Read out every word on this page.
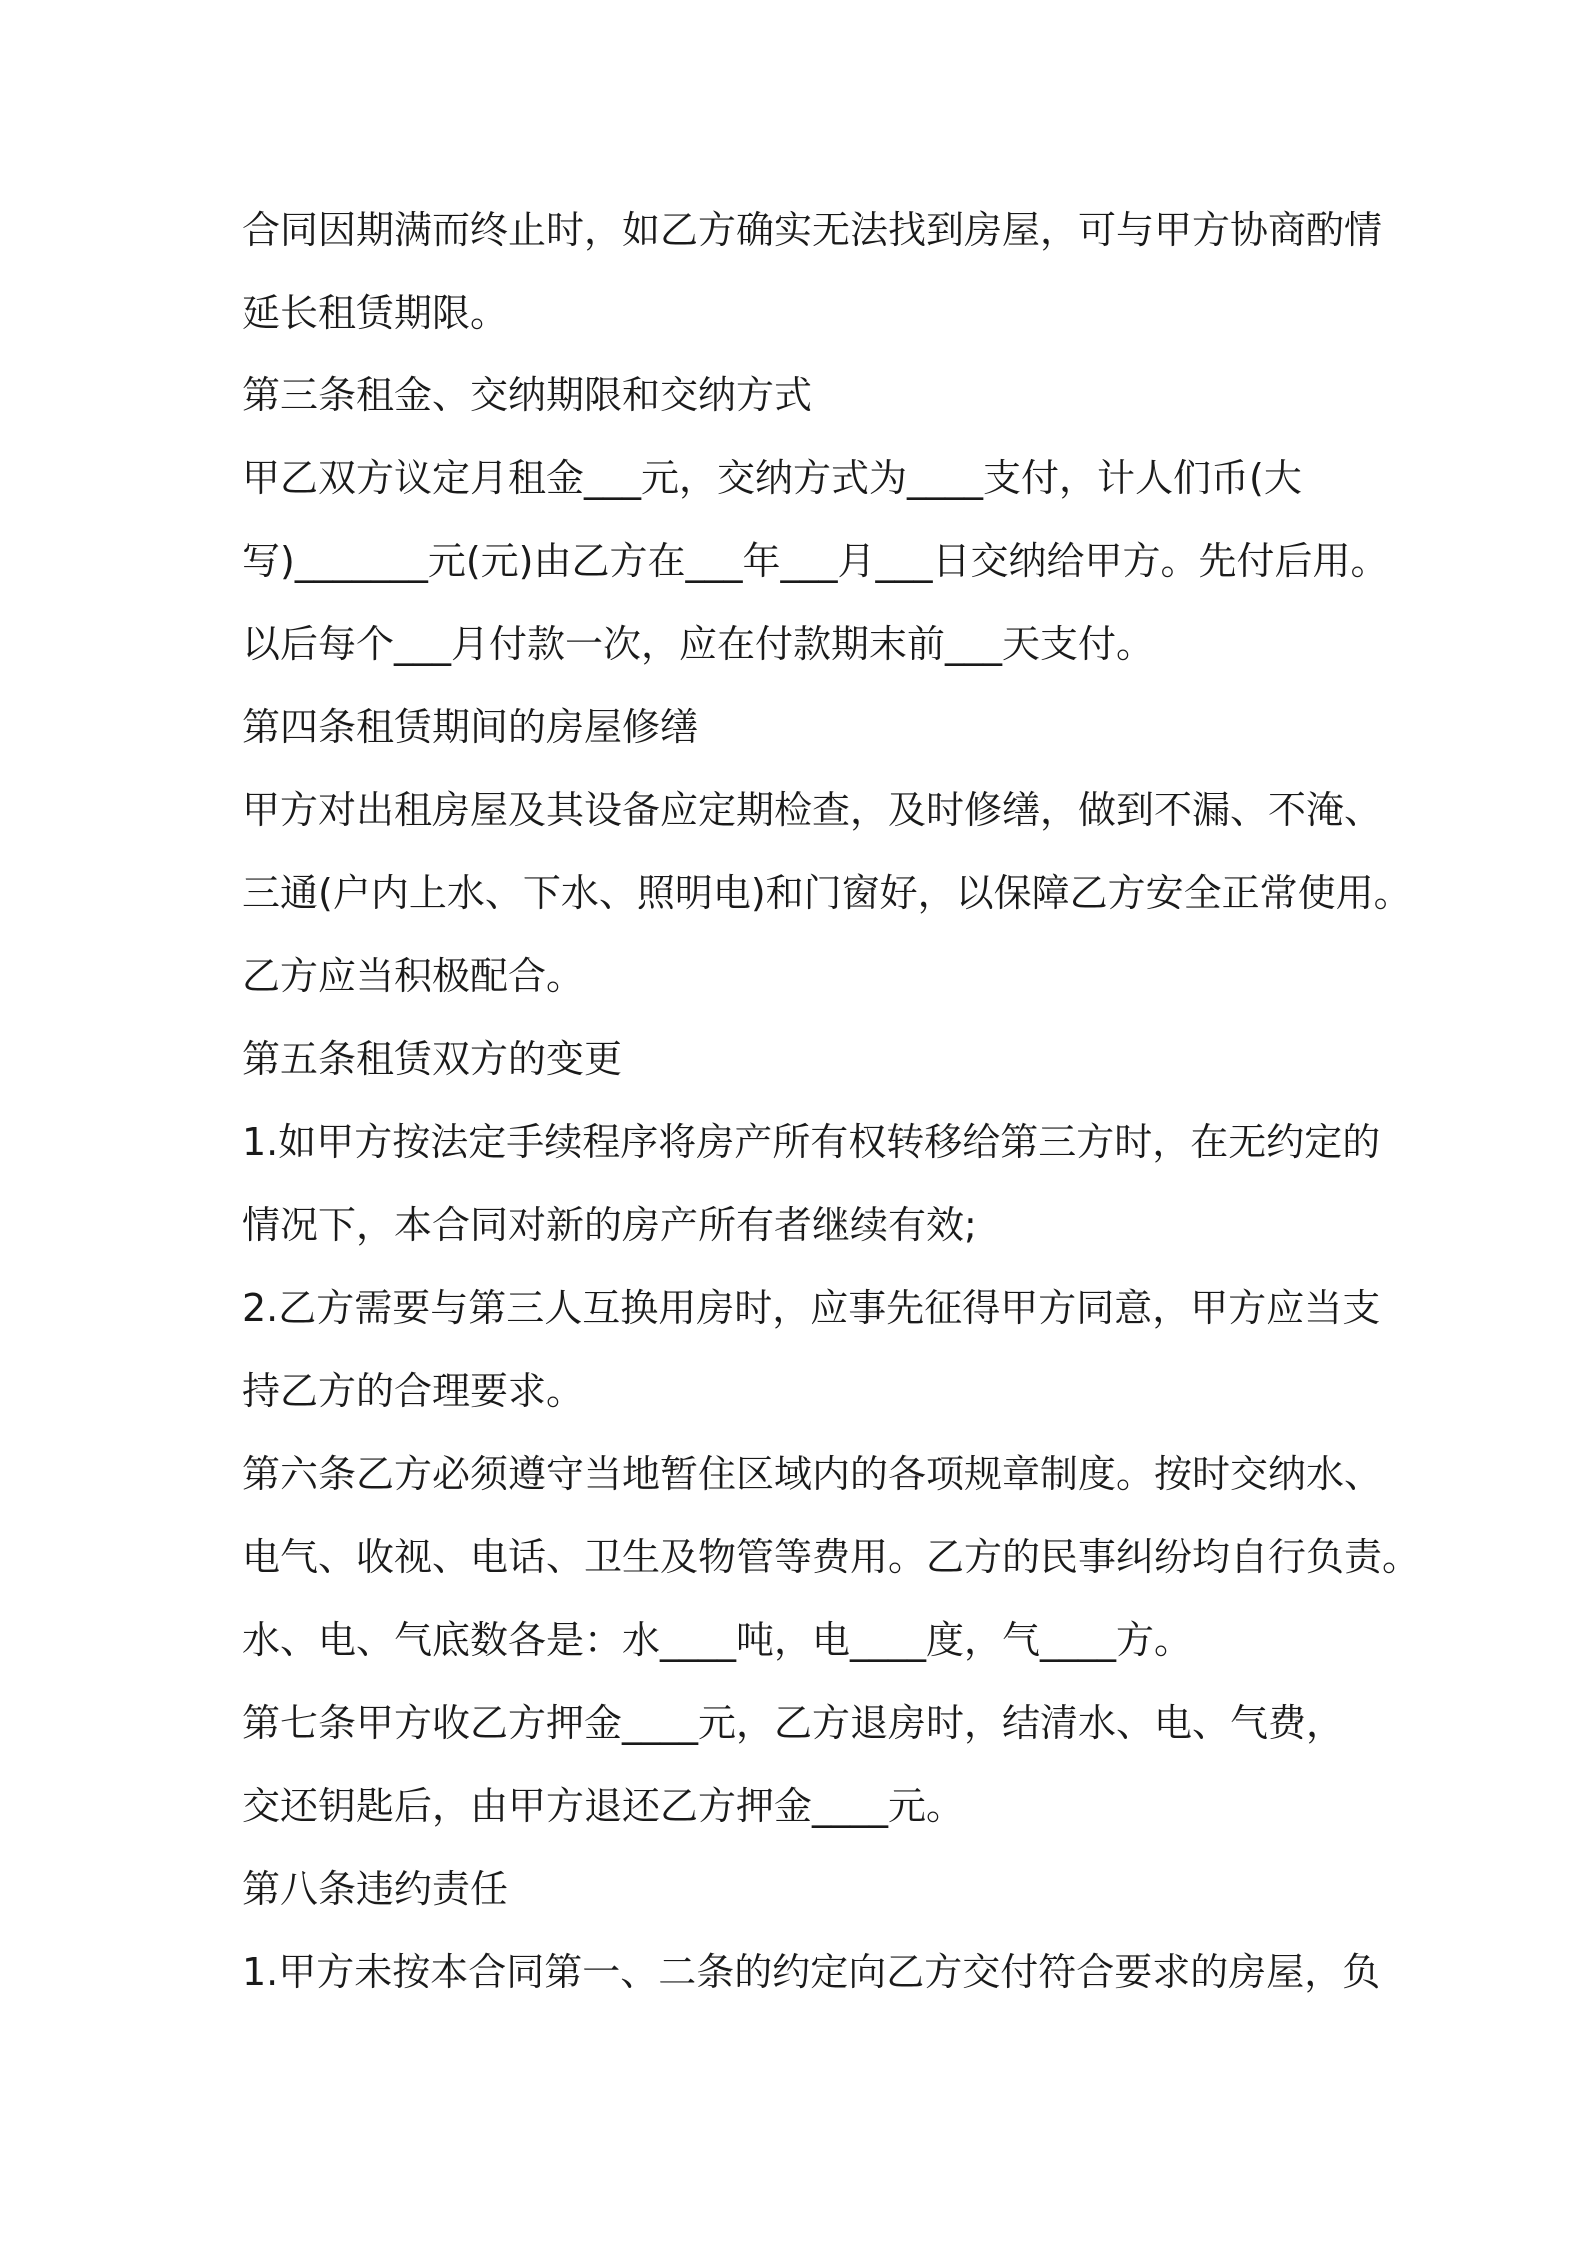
合同因期满而终止时，如乙方确实无法找到房屋，可与甲方协商酌情

延长租赁期限。

第三条租金、交纳期限和交纳方式

甲乙双方议定月租金___元，交纳方式为____支付，计人们币(大

写)_______元(元)由乙方在___年___月___日交纳给甲方。先付后用。

以后每个___月付款一次，应在付款期末前___天支付。

第四条租赁期间的房屋修缮

甲方对出租房屋及其设备应定期检查，及时修缮，做到不漏、不淹、

三通(户内上水、下水、照明电)和门窗好，以保障乙方安全正常使用。

乙方应当积极配合。

第五条租赁双方的变更

1.如甲方按法定手续程序将房产所有权转移给第三方时，在无约定的

情况下，本合同对新的房产所有者继续有效;

2.乙方需要与第三人互换用房时，应事先征得甲方同意，甲方应当支

持乙方的合理要求。

第六条乙方必须遵守当地暂住区域内的各项规章制度。按时交纳水、

电气、收视、电话、卫生及物管等费用。乙方的民事纠纷均自行负责。

水、电、气底数各是：水____吨，电____度，气____方。

第七条甲方收乙方押金____元，乙方退房时，结清水、电、气费，

交还钥匙后，由甲方退还乙方押金____元。

第八条违约责任

1.甲方未按本合同第一、二条的约定向乙方交付符合要求的房屋，负
